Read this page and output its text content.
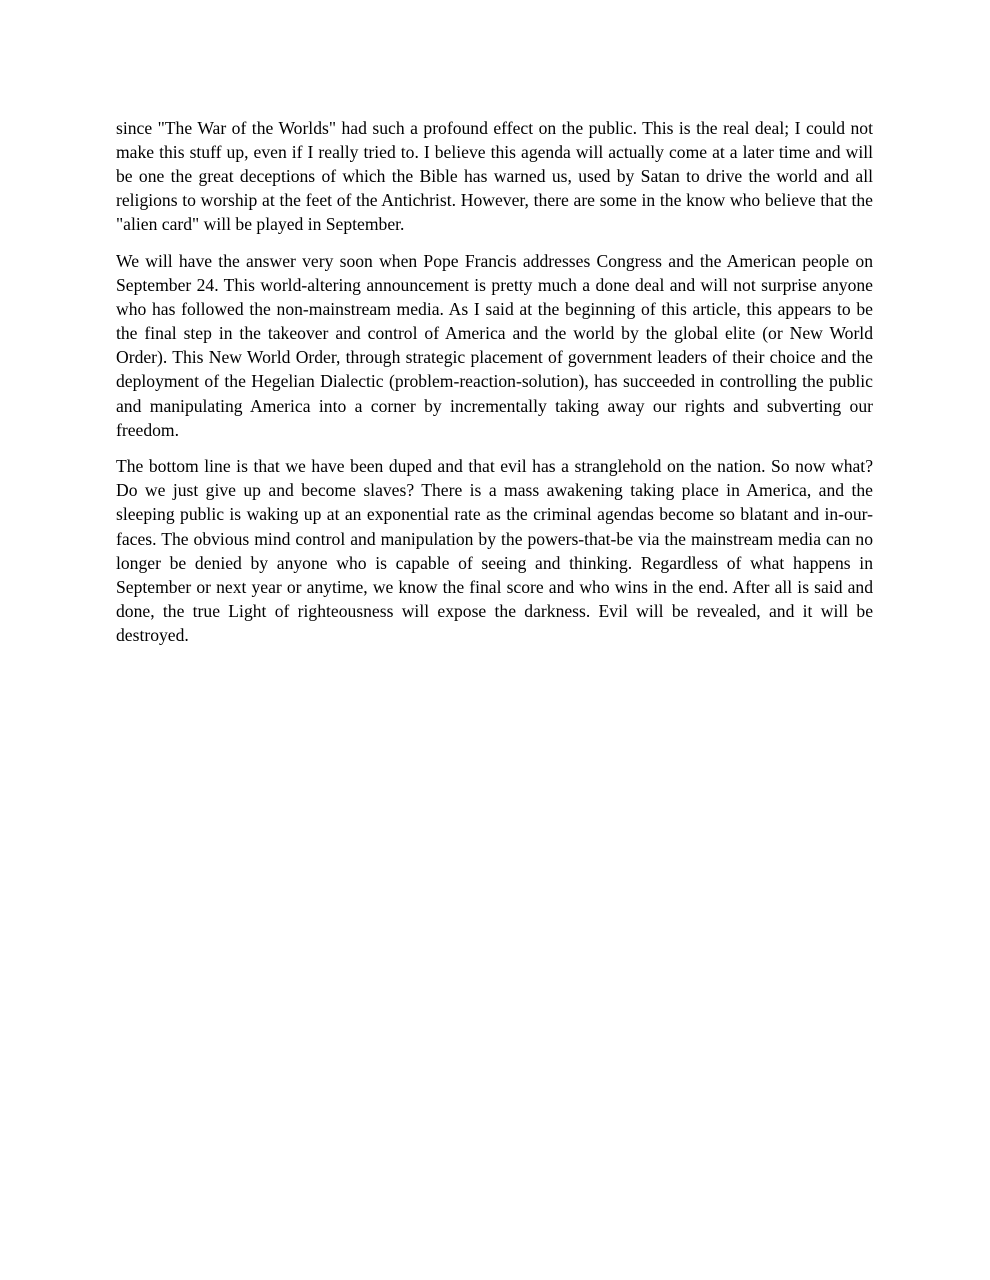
since "The War of the Worlds" had such a profound effect on the public. This is the real deal; I could not make this stuff up, even if I really tried to. I believe this agenda will actually come at a later time and will be one the great deceptions of which the Bible has warned us, used by Satan to drive the world and all religions to worship at the feet of the Antichrist. However, there are some in the know who believe that the "alien card" will be played in September.

We will have the answer very soon when Pope Francis addresses Congress and the American people on September 24. This world-altering announcement is pretty much a done deal and will not surprise anyone who has followed the non-mainstream media. As I said at the beginning of this article, this appears to be the final step in the takeover and control of America and the world by the global elite (or New World Order). This New World Order, through strategic placement of government leaders of their choice and the deployment of the Hegelian Dialectic (problem-reaction-solution), has succeeded in controlling the public and manipulating America into a corner by incrementally taking away our rights and subverting our freedom.

The bottom line is that we have been duped and that evil has a stranglehold on the nation. So now what? Do we just give up and become slaves? There is a mass awakening taking place in America, and the sleeping public is waking up at an exponential rate as the criminal agendas become so blatant and in-our-faces. The obvious mind control and manipulation by the powers-that-be via the mainstream media can no longer be denied by anyone who is capable of seeing and thinking. Regardless of what happens in September or next year or anytime, we know the final score and who wins in the end. After all is said and done, the true Light of righteousness will expose the darkness. Evil will be revealed, and it will be destroyed.
